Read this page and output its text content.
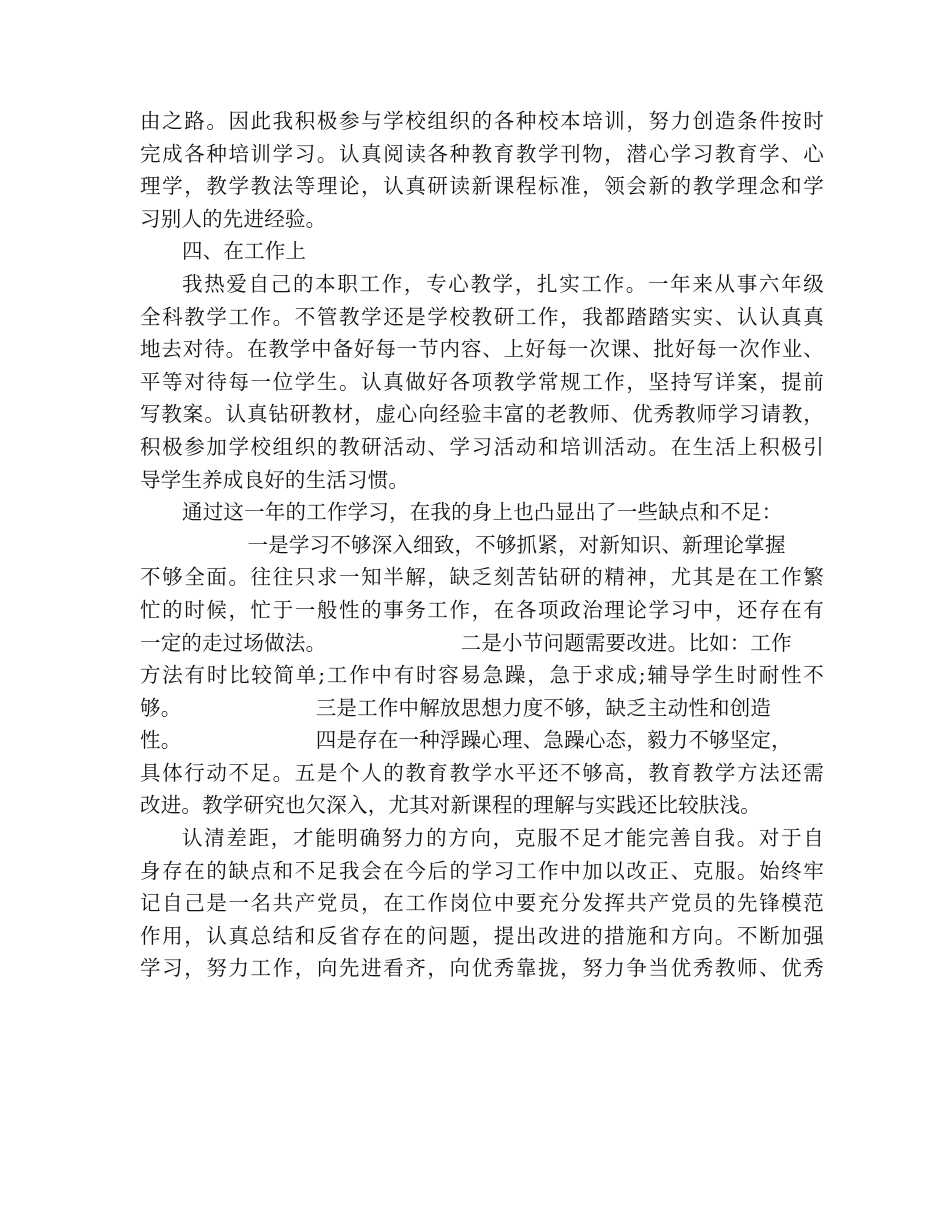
由之路。因此我积极参与学校组织的各种校本培训，努力创造条件按时
完成各种培训学习。认真阅读各种教育教学刊物，潜心学习教育学、心
理学，教学教法等理论，认真研读新课程标准，领会新的教学理念和学
习别人的先进经验。
四、在工作上
我热爱自己的本职工作，专心教学，扎实工作。一年来从事六年级
全科教学工作。不管教学还是学校教研工作，我都踏踏实实、认认真真
地去对待。在教学中备好每一节内容、上好每一次课、批好每一次作业、
平等对待每一位学生。认真做好各项教学常规工作，坚持写详案，提前
写教案。认真钻研教材，虚心向经验丰富的老教师、优秀教师学习请教，
积极参加学校组织的教研活动、学习活动和培训活动。在生活上积极引
导学生养成良好的生活习惯。
通过这一年的工作学习，在我的身上也凸显出了一些缺点和不足：
一是学习不够深入细致，不够抓紧，对新知识、新理论掌握
不够全面。往往只求一知半解，缺乏刻苦钻研的精神，尤其是在工作繁
忙的时候，忙于一般性的事务工作，在各项政治理论学习中，还存在有
一定的走过场做法。                    二是小节问题需要改进。比如：工作
方法有时比较简单;工作中有时容易急躁，急于求成;辅导学生时耐性不
够。                    三是工作中解放思想力度不够，缺乏主动性和创造
性。                    四是存在一种浮躁心理、急躁心态，毅力不够坚定，
具体行动不足。五是个人的教育教学水平还不够高，教育教学方法还需
改进。教学研究也欠深入，尤其对新课程的理解与实践还比较肤浅。
认清差距，才能明确努力的方向，克服不足才能完善自我。对于自
身存在的缺点和不足我会在今后的学习工作中加以改正、克服。始终牢
记自己是一名共产党员，在工作岗位中要充分发挥共产党员的先锋模范
作用，认真总结和反省存在的问题，提出改进的措施和方向。不断加强
学习，努力工作，向先进看齐，向优秀靠拢，努力争当优秀教师、优秀
